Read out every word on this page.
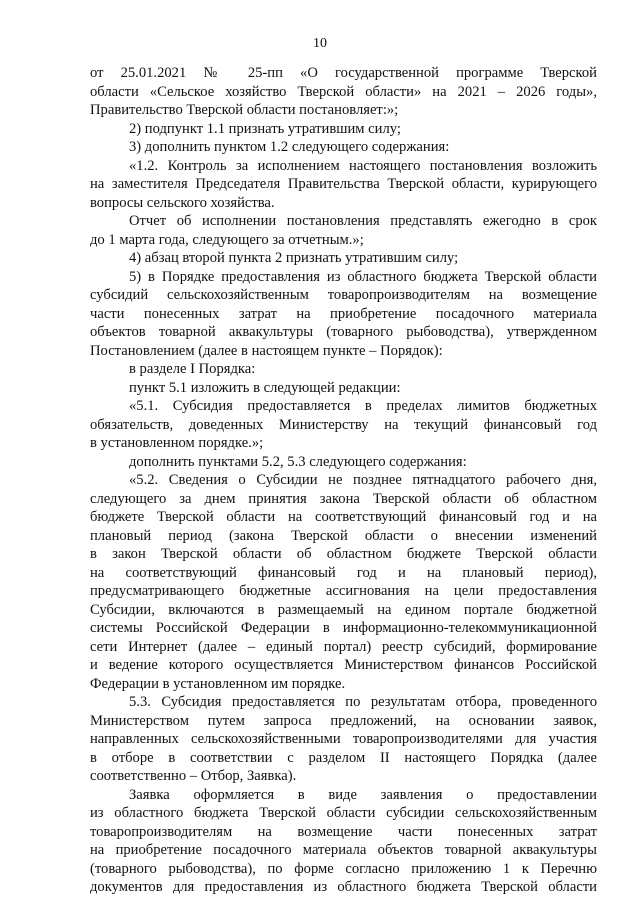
10
от 25.01.2021 № 25-пп «О государственной программе Тверской
области «Сельское хозяйство Тверской области» на 2021 – 2026 годы»,
Правительство Тверской области постановляет:»;
2) подпункт 1.1 признать утратившим силу;
3) дополнить пунктом 1.2 следующего содержания:
«1.2. Контроль за исполнением настоящего постановления возложить
на заместителя Председателя Правительства Тверской области, курирующего
вопросы сельского хозяйства.
Отчет об исполнении постановления представлять ежегодно в срок
до 1 марта года, следующего за отчетным.»;
4) абзац второй пункта 2 признать утратившим силу;
5) в Порядке предоставления из областного бюджета Тверской области
субсидий сельскохозяйственным товаропроизводителям на возмещение
части понесенных затрат на приобретение посадочного материала
объектов товарной аквакультуры (товарного рыбоводства), утвержденном
Постановлением (далее в настоящем пункте – Порядок):
в разделе I Порядка:
пункт 5.1 изложить в следующей редакции:
«5.1. Субсидия предоставляется в пределах лимитов бюджетных
обязательств, доведенных Министерству на текущий финансовый год
в установленном порядке.»;
дополнить пунктами 5.2, 5.3 следующего содержания:
«5.2. Сведения о Субсидии не позднее пятнадцатого рабочего дня,
следующего за днем принятия закона Тверской области об областном
бюджете Тверской области на соответствующий финансовый год и на
плановый период (закона Тверской области о внесении изменений
в закон Тверской области об областном бюджете Тверской области
на соответствующий финансовый год и на плановый период),
предусматривающего бюджетные ассигнования на цели предоставления
Субсидии, включаются в размещаемый на едином портале бюджетной
системы Российской Федерации в информационно-телекоммуникационной
сети Интернет (далее – единый портал) реестр субсидий, формирование
и ведение которого осуществляется Министерством финансов Российской
Федерации в установленном им порядке.
5.3. Субсидия предоставляется по результатам отбора, проведенного
Министерством путем запроса предложений, на основании заявок,
направленных сельскохозяйственными товаропроизводителями для участия
в отборе в соответствии с разделом II настоящего Порядка (далее
соответственно – Отбор, Заявка).
Заявка оформляется в виде заявления о предоставлении
из областного бюджета Тверской области субсидии сельскохозяйственным
товаропроизводителям на возмещение части понесенных затрат
на приобретение посадочного материала объектов товарной аквакультуры
(товарного рыбоводства), по форме согласно приложению 1 к Перечню
документов для предоставления из областного бюджета Тверской области
